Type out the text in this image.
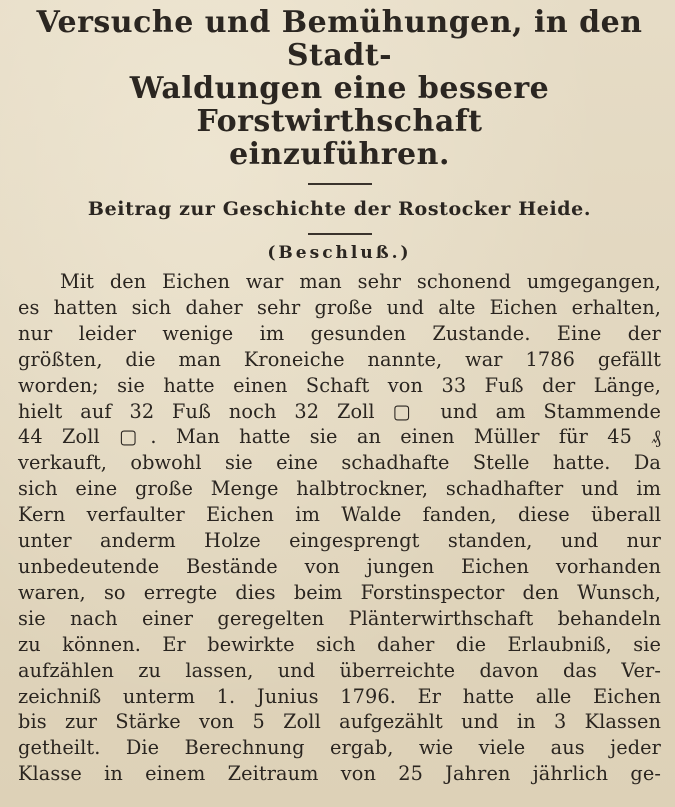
Versuche und Bemühungen, in den Stadt-
Waldungen eine bessere Forstwirthschaft
einzuführen.
Beitrag zur Geschichte der Rostocker Heide.
(Beschluß.)
Mit den Eichen war man sehr schonend umgegangen,
es hatten sich daher sehr große und alte Eichen erhalten,
nur leider wenige im gesunden Zustande. Eine der
größten, die man Kroneiche nannte, war 1786 gefällt
worden; sie hatte einen Schaft von 33 Fuß der Länge,
hielt auf 32 Fuß noch 32 Zoll ▢ und am Stammende
44 Zoll ▢. Man hatte sie an einen Müller für 45 ₰
verkauft, obwohl sie eine schadhafte Stelle hatte. Da
sich eine große Menge halbtrockner, schadhafter und im
Kern verfaulter Eichen im Walde fanden, diese überall
unter anderm Holze eingesprengt standen, und nur
unbedeutende Bestände von jungen Eichen vorhanden
waren, so erregte dies beim Forstinspector den Wunsch,
sie nach einer geregelten Plänterwirthschaft behandeln
zu können. Er bewirkte sich daher die Erlaubniß, sie
aufzählen zu lassen, und überreichte davon das Ver-
zeichniß unterm 1. Junius 1796. Er hatte alle Eichen
bis zur Stärke von 5 Zoll aufgezählt und in 3 Klassen
getheilt. Die Berechnung ergab, wie viele aus jeder
Klasse in einem Zeitraum von 25 Jahren jährlich ge-
